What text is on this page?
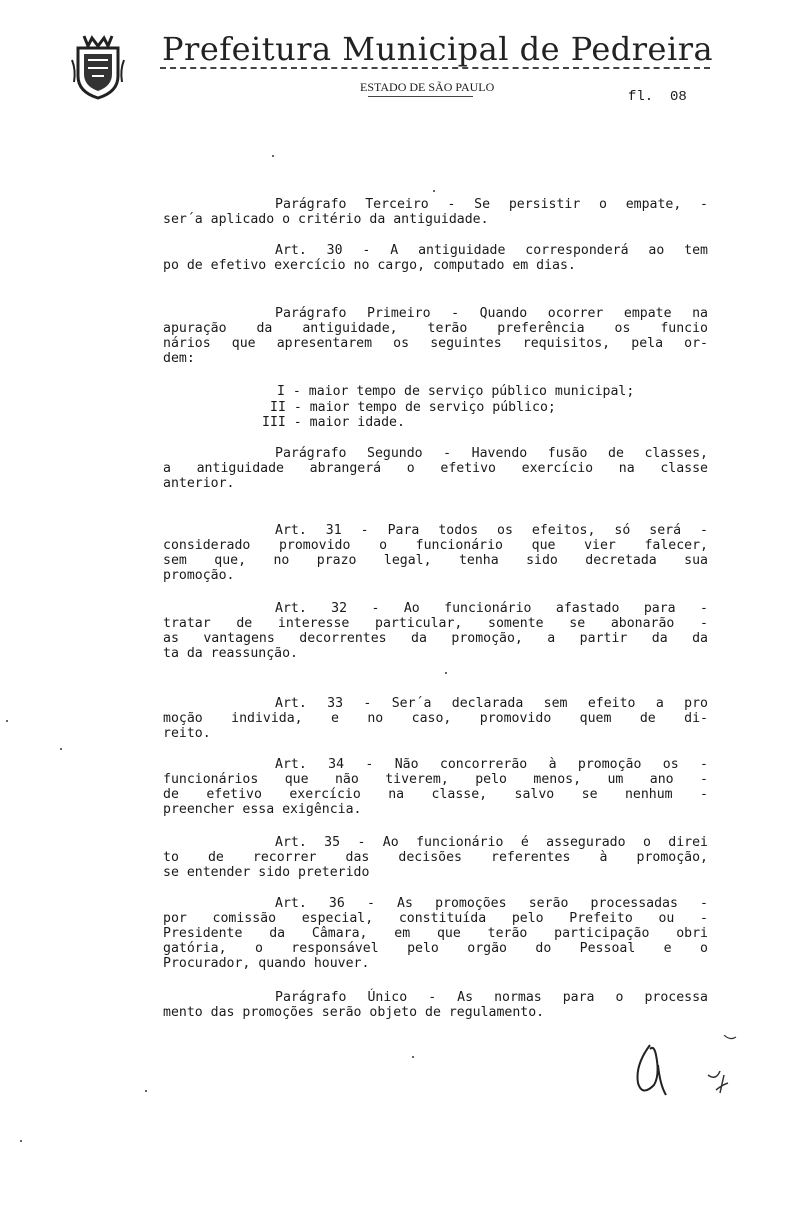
Prefeitura Municipal de Pedreira
ESTADO DE SÃO PAULO
fl.  08
Parágrafo Terceiro - Se persistir o empate, -
ser´a aplicado o critério da antiguidade.
Art. 30 - A antiguidade corresponderá ao tem
po de efetivo exercício no cargo, computado em dias.
Parágrafo Primeiro - Quando ocorrer empate na
apuração da antiguidade, terão preferência os funcio
nários que apresentarem os seguintes requisitos, pela or-
dem:
Parágrafo Segundo - Havendo fusão de classes,
a antiguidade abrangerá o efetivo exercício na classe
anterior.
Art. 31 - Para todos os efeitos, só será -
considerado promovido o funcionário que vier falecer,
sem que, no prazo legal, tenha sido decretada sua
promoção.
Art. 32 - Ao funcionário afastado para -
tratar de interesse particular, somente se abonarão -
as vantagens decorrentes da promoção, a partir da da
ta da reassunção.
Art. 33 - Ser´a declarada sem efeito a pro
moção individa, e no caso, promovido quem de di-
reito.
Art. 34 - Não concorrerão à promoção os -
funcionários que não tiverem, pelo menos, um ano -
de efetivo exercício na classe, salvo se nenhum -
preencher essa exigência.
Art. 35 - Ao funcionário é assegurado o direi
to de recorrer das decisões referentes à promoção,
se entender sido preterido
Art. 36 - As promoções serão processadas -
por comissão especial, constituída pelo Prefeito ou -
Presidente da Câmara, em que terão participação obri
gatória, o responsável pelo orgão do Pessoal e o
Procurador, quando houver.
Parágrafo Único - As normas para o processa
mento das promoções serão objeto de regulamento.
I - maior tempo de serviço público municipal;
II - maior tempo de serviço público;
III - maior idade.
